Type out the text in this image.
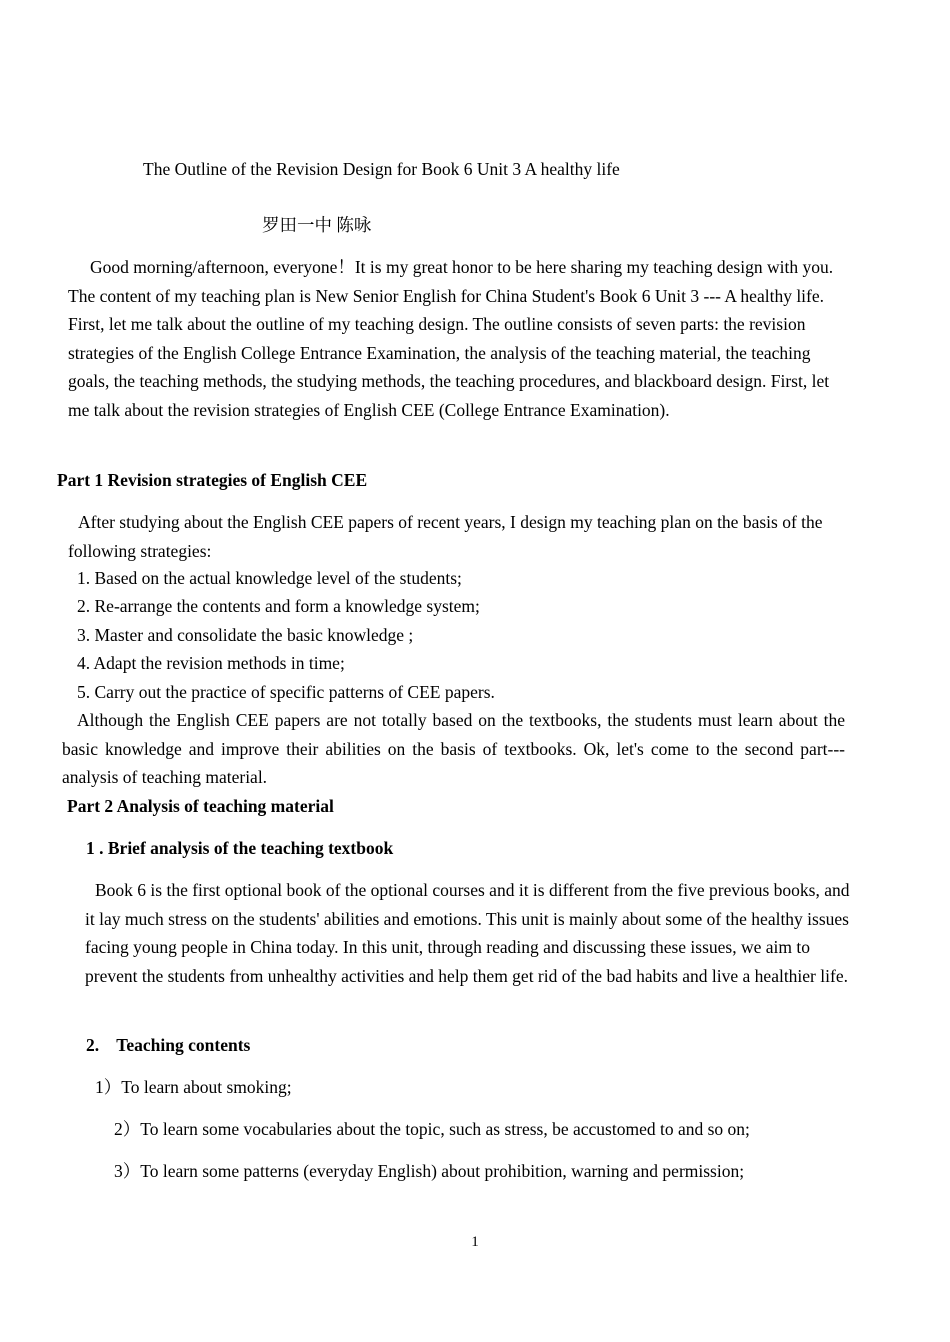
The Outline of the Revision Design for Book 6 Unit 3 A healthy life

罗田一中 陈咏

Good morning/afternoon, everyone！It is my great honor to be here sharing my teaching design with you. The content of my teaching plan is New Senior English for China Student's Book 6 Unit 3 --- A healthy life. First, let me talk about the outline of my teaching design. The outline consists of seven parts: the revision strategies of the English College Entrance Examination, the analysis of the teaching material, the teaching goals, the teaching methods, the studying methods, the teaching procedures, and blackboard design. First, let me talk about the revision strategies of English CEE (College Entrance Examination).

Part 1 Revision strategies of English CEE

After studying about the English CEE papers of recent years, I design my teaching plan on the basis of the following strategies:

1. Based on the actual knowledge level of the students;

2. Re-arrange the contents and form a knowledge system;

3. Master and consolidate the basic knowledge ;

4. Adapt the revision methods in time;

5. Carry out the practice of specific patterns of CEE papers.

Although the English CEE papers are not totally based on the textbooks, the students must learn about the basic knowledge and improve their abilities on the basis of textbooks. Ok, let's come to the second part--- analysis of teaching material.

Part 2 Analysis of teaching material

1 . Brief analysis of the teaching textbook

Book 6 is the first optional book of the optional courses and it is different from the five previous books, and it lay much stress on the students' abilities and emotions. This unit is mainly about some of the healthy issues facing young people in China today. In this unit, through reading and discussing these issues, we aim to prevent the students from unhealthy activities and help them get rid of the bad habits and live a healthier life.

2.    Teaching contents

1）To learn about smoking;

2）To learn some vocabularies about the topic, such as stress, be accustomed to and so on;

3）To learn some patterns (everyday English) about prohibition, warning and permission;

1
